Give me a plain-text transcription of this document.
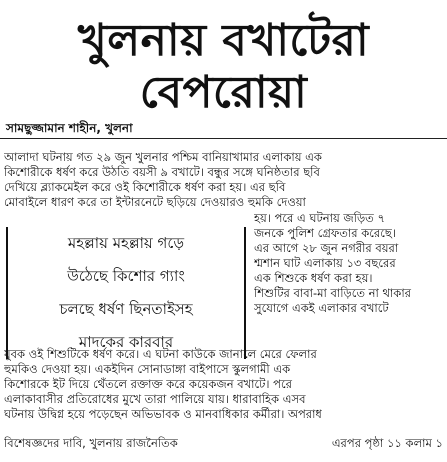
খুলনায় বখাটেরা
বেপরোয়া
সামছুজ্জামান শাহীন, খুলনা
আলাদা ঘটনায় গত ২৯ জুন খুলনার পশ্চিম বানিয়াখামার এলাকায় এক
কিশোরীকে ধর্ষণ করে উঠতি বয়সী ৯ বখাটে। বন্ধুর সঙ্গে ঘনিষ্ঠতার ছবি
দেখিয়ে ব্ল্যাকমেইল করে ওই কিশোরীকে ধর্ষণ করা হয়। এর ছবি
মোবাইলে ধারণ করে তা ইন্টারনেটে ছড়িয়ে দেওয়ারও হুমকি দেওয়া
হয়। পরে এ ঘটনায় জড়িত ৭
জনকে পুলিশ গ্রেফতার করেছে।
এর আগে ২৮ জুন নগরীর বয়রা
শ্মশান ঘাট এলাকায় ১৩ বছরের
এক শিশুকে ধর্ষণ করা হয়।
শিশুটির বাবা-মা বাড়িতে না থাকার
সুযোগে একই এলাকার বখাটে
যুবক ওই শিশুটিকে ধর্ষণ করে। এ ঘটনা কাউকে জানালে মেরে ফেলার
হুমকিও দেওয়া হয়। একইদিন সোনাডাঙ্গা বাইপাসে স্কুলগামী এক
কিশোরকে ইট দিয়ে থেঁতলে রক্তাক্ত করে কয়েকজন বখাটে। পরে
এলাকাবাসীর প্রতিরোধের মুখে তারা পালিয়ে যায়। ধারাবাহিক এসব
ঘটনায় উদ্বিগ্ন হয়ে পড়েছেন অভিভাবক ও মানবাধিকার কর্মীরা। অপরাধ
বিশেষজ্ঞদের দাবি, খুলনায় রাজনৈতিক	এরপর পৃষ্ঠা ১১ কলাম ১
মহল্লায় মহল্লায় গড়ে
উঠেছে কিশোর গ্যাং
চলছে ধর্ষণ ছিনতাইসহ
মাদকের কারবার
